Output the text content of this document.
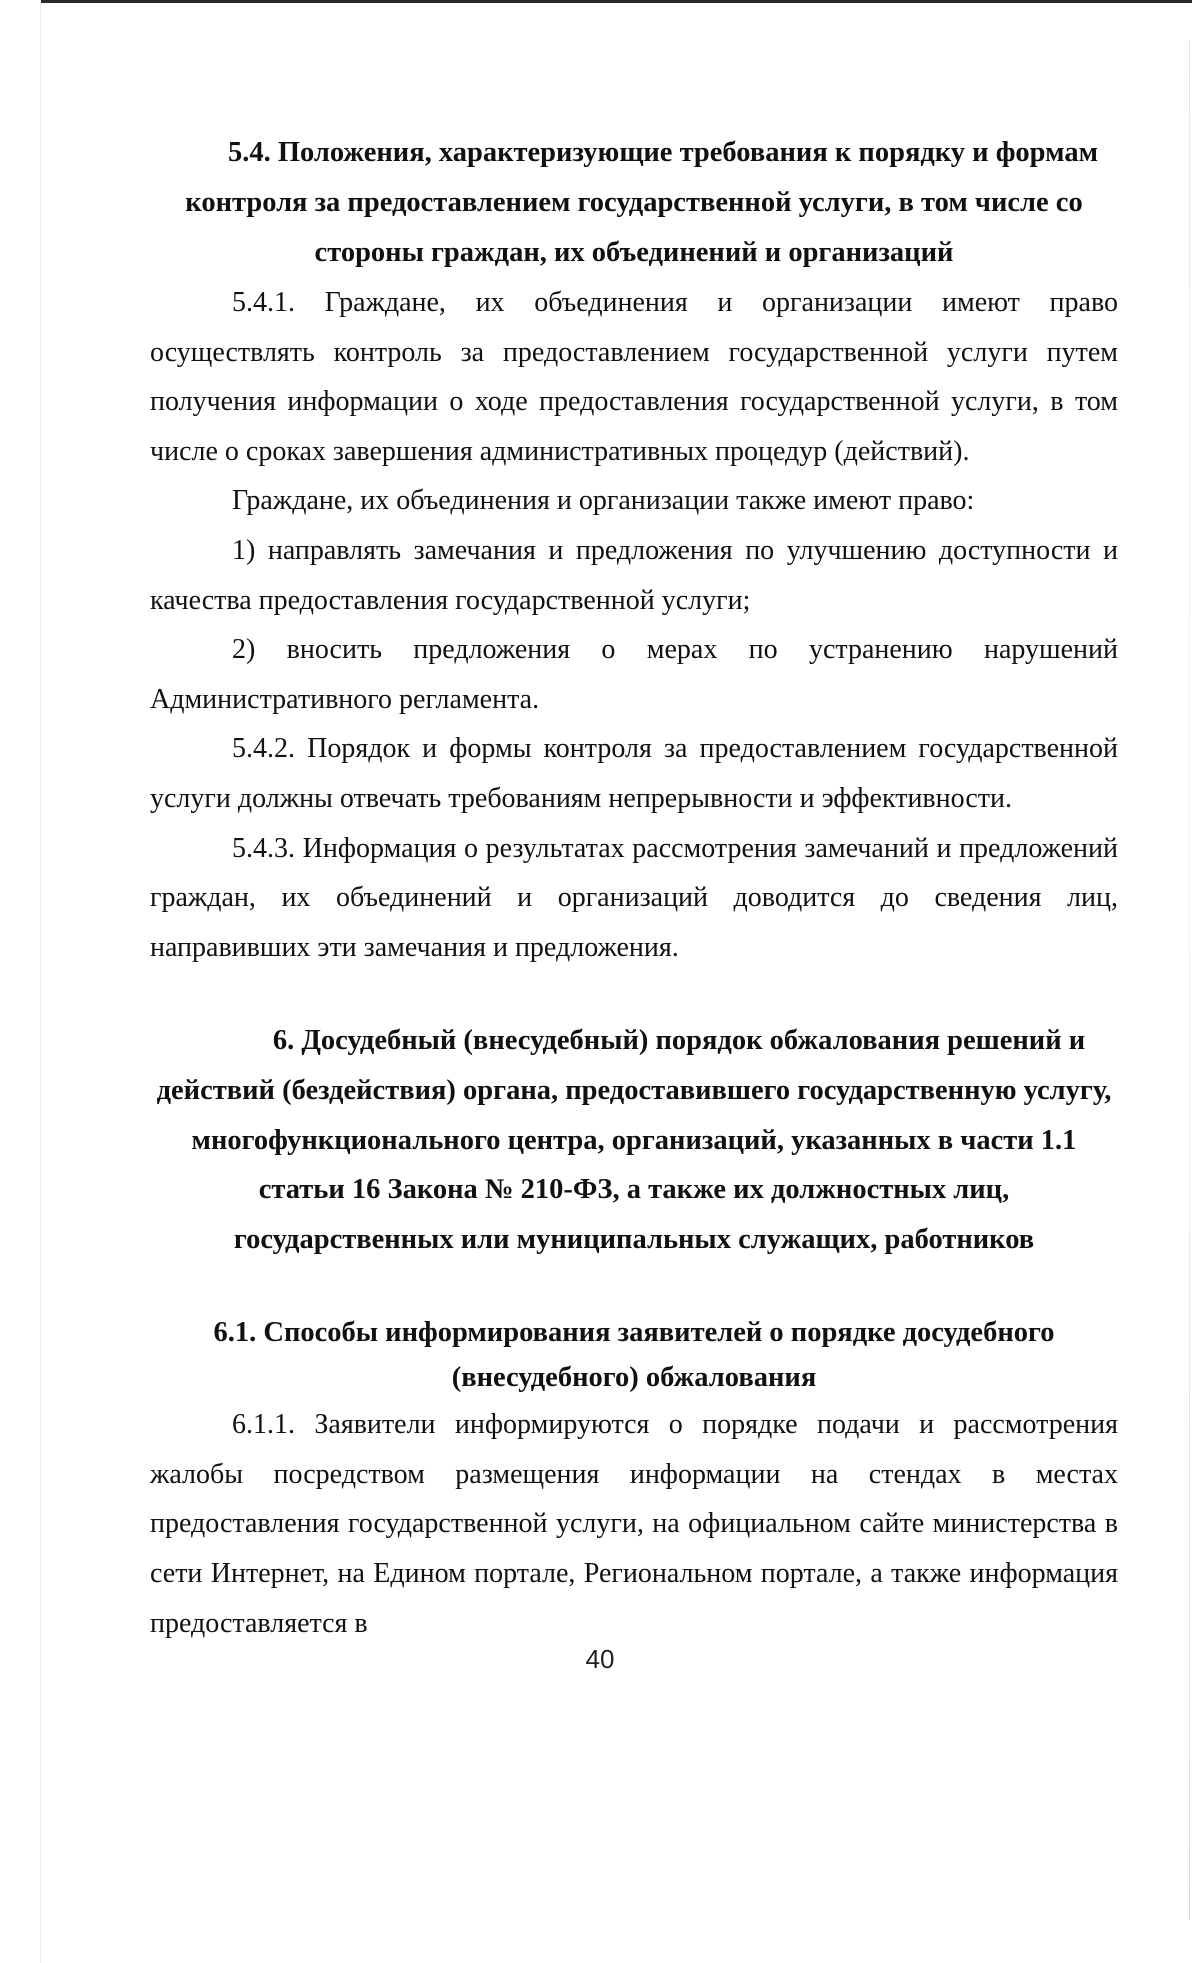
5.4. Положения, характеризующие требования к порядку и формам контроля за предоставлением государственной услуги, в том числе со стороны граждан, их объединений и организаций

5.4.1. Граждане, их объединения и организации имеют право осуществлять контроль за предоставлением государственной услуги путем получения информации о ходе предоставления государственной услуги, в том числе о сроках завершения административных процедур (действий).

Граждане, их объединения и организации также имеют право:

1) направлять замечания и предложения по улучшению доступности и качества предоставления государственной услуги;

2) вносить предложения о мерах по устранению нарушений Административного регламента.

5.4.2. Порядок и формы контроля за предоставлением государственной услуги должны отвечать требованиям непрерывности и эффективности.

5.4.3. Информация о результатах рассмотрения замечаний и предложений граждан, их объединений и организаций доводится до сведения лиц, направивших эти замечания и предложения.

6. Досудебный (внесудебный) порядок обжалования решений и действий (бездействия) органа, предоставившего государственную услугу, многофункционального центра, организаций, указанных в части 1.1 статьи 16 Закона № 210-ФЗ, а также их должностных лиц, государственных или муниципальных служащих, работников

6.1. Способы информирования заявителей о порядке досудебного (внесудебного) обжалования

6.1.1. Заявители информируются о порядке подачи и рассмотрения жалобы посредством размещения информации на стендах в местах предоставления государственной услуги, на официальном сайте министерства в сети Интернет, на Едином портале, Региональном портале, а также информация предоставляется в

40
